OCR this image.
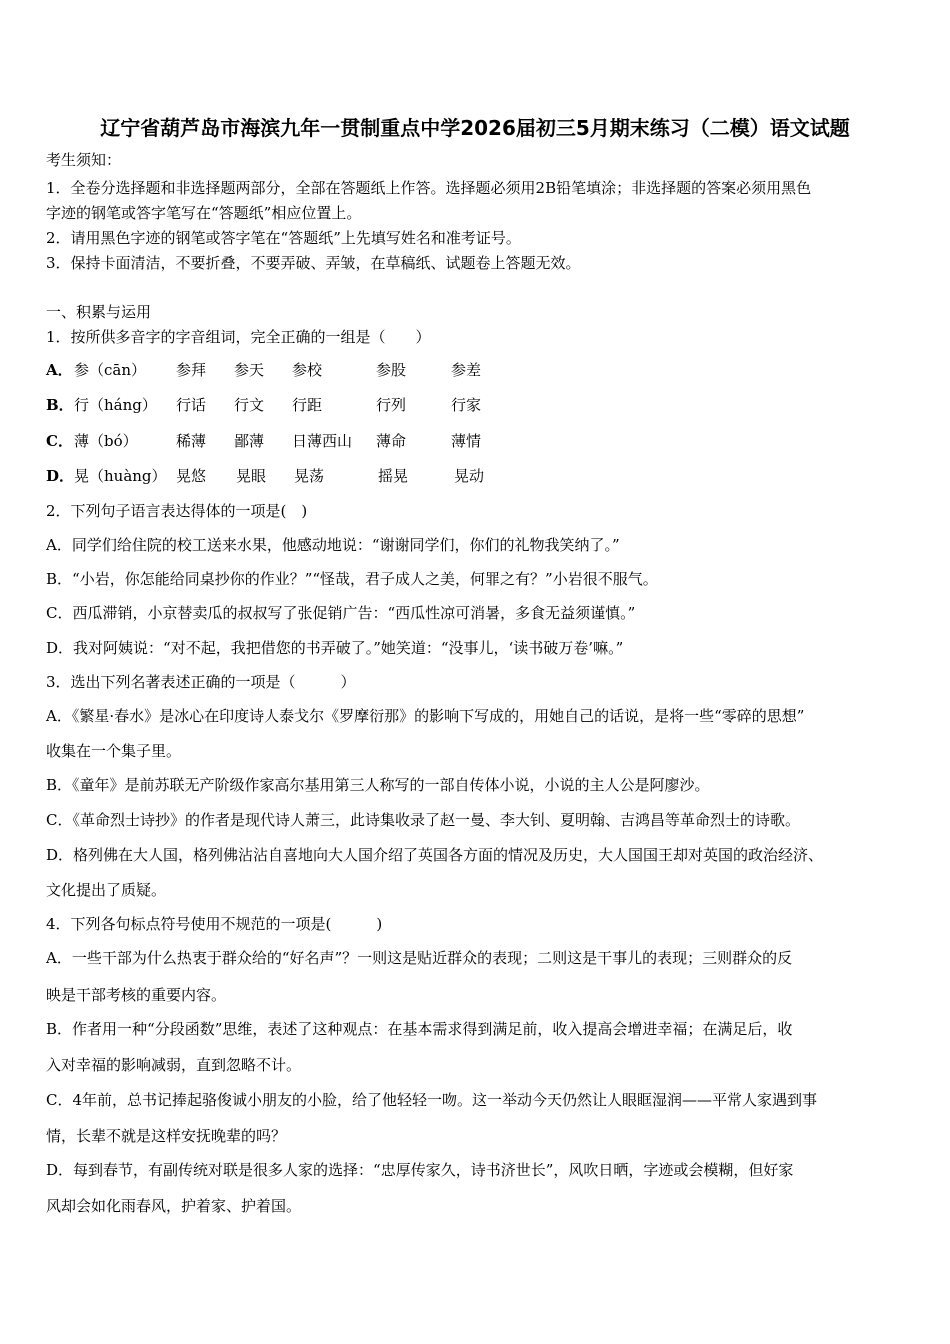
辽宁省葫芦岛市海滨九年一贯制重点中学2026届初三5月期末练习（二模）语文试题
考生须知：
1．全卷分选择题和非选择题两部分，全部在答题纸上作答。选择题必须用2B铅笔填涂；非选择题的答案必须用黑色
字迹的钢笔或答字笔写在“答题纸”相应位置上。
2．请用黑色字迹的钢笔或答字笔在“答题纸”上先填写姓名和准考证号。
3．保持卡面清洁，不要折叠，不要弄破、弄皱，在草稿纸、试题卷上答题无效。
一、积累与运用
1．按所供多音字的字音组词，完全正确的一组是（　　）
A． 参（cān） 参拜 参天 参校	参股	参差
B． 行（háng） 行话 行文 行距	行列	行家
C． 薄（bó）	稀薄 鄙薄 日薄西山 薄命	薄情
D． 晃（huàng） 晃悠 晃眼 晃荡	摇晃	晃动
2．下列句子语言表达得体的一项是(　)
A．同学们给住院的校工送来水果，他感动地说：“谢谢同学们，你们的礼物我笑纳了。”
B．“小岩，你怎能给同桌抄你的作业？”“怪哉，君子成人之美，何罪之有？”小岩很不服气。
C．西瓜滞销，小京替卖瓜的叔叔写了张促销广告：“西瓜性凉可消暑，多食无益须谨慎。”
D．我对阿姨说：“对不起，我把借您的书弄破了。”她笑道：“没事儿，‘读书破万卷’嘛。”
3．选出下列名著表述正确的一项是（　　　）
A．《繁星·春水》是冰心在印度诗人泰戈尔《罗摩衍那》的影响下写成的，用她自己的话说，是将一些“零碎的思想”
收集在一个集子里。
B．《童年》是前苏联无产阶级作家高尔基用第三人称写的一部自传体小说，小说的主人公是阿廖沙。
C．《革命烈士诗抄》的作者是现代诗人萧三，此诗集收录了赵一曼、李大钊、夏明翰、吉鸿昌等革命烈士的诗歌。
D．格列佛在大人国，格列佛沾沾自喜地向大人国介绍了英国各方面的情况及历史，大人国国王却对英国的政治经济、
文化提出了质疑。
4．下列各句标点符号使用不规范的一项是(　　　)
A．一些干部为什么热衷于群众给的“好名声”？一则这是贴近群众的表现；二则这是干事儿的表现；三则群众的反
映是干部考核的重要内容。
B．作者用一种“分段函数”思维，表述了这种观点：在基本需求得到满足前，收入提高会增进幸福；在满足后，收
入对幸福的影响减弱，直到忽略不计。
C．4年前，总书记捧起骆俊诚小朋友的小脸，给了他轻轻一吻。这一举动今天仍然让人眼眶湿润——平常人家遇到事
情，长辈不就是这样安抚晚辈的吗？
D．每到春节，有副传统对联是很多人家的选择：“忠厚传家久，诗书济世长”，风吹日晒，字迹或会模糊，但好家
风却会如化雨春风，护着家、护着国。
